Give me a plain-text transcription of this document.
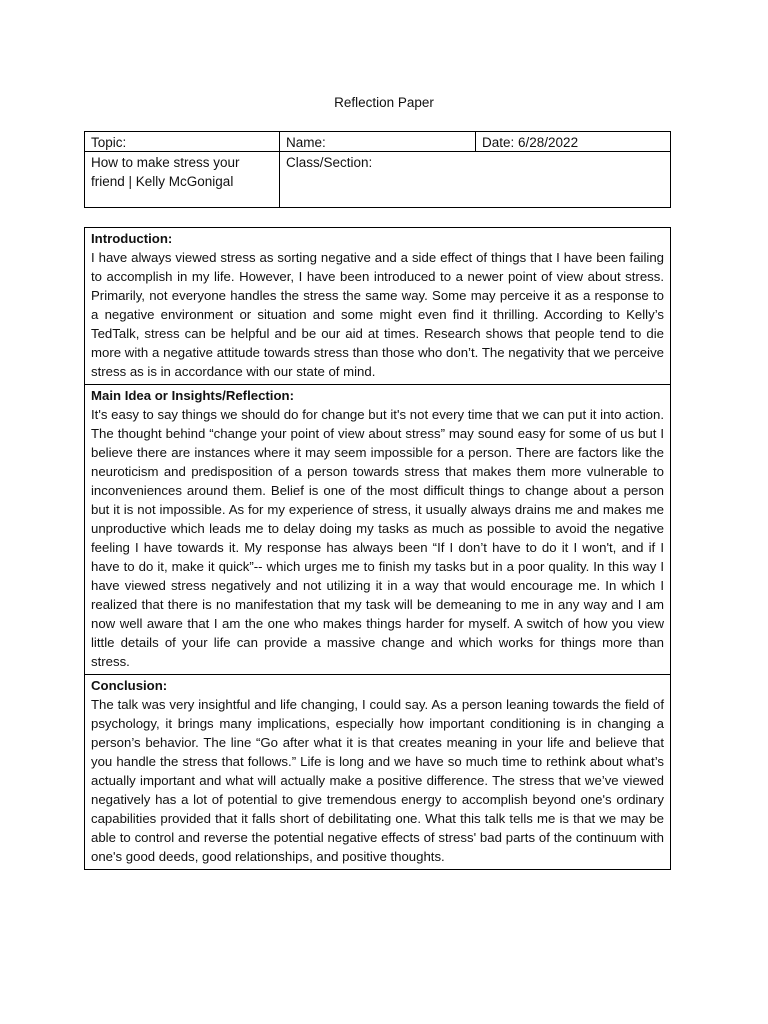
Reflection Paper
Topic:
How to make stress your friend | Kelly McGonigal
Name:	Date: 6/28/2022
Class/Section:
Introduction:
I have always viewed stress as sorting negative and a side effect of things that I have been failing to accomplish in my life. However, I have been introduced to a newer point of view about stress. Primarily, not everyone handles the stress the same way. Some may perceive it as a response to a negative environment or situation and some might even find it thrilling. According to Kelly’s TedTalk, stress can be helpful and be our aid at times. Research shows that people tend to die more with a negative attitude towards stress than those who don’t. The negativity that we perceive stress as is in accordance with our state of mind.
Main Idea or Insights/Reflection:
It's easy to say things we should do for change but it's not every time that we can put it into action. The thought behind “change your point of view about stress” may sound easy for some of us but I believe there are instances where it may seem impossible for a person. There are factors like the neuroticism and predisposition of a person towards stress that makes them more vulnerable to inconveniences around them. Belief is one of the most difficult things to change about a person but it is not impossible. As for my experience of stress, it usually always drains me and makes me unproductive which leads me to delay doing my tasks as much as possible to avoid the negative feeling I have towards it. My response has always been “If I don’t have to do it I won't, and if I have to do it, make it quick”-- which urges me to finish my tasks but in a poor quality. In this way I have viewed stress negatively and not utilizing it in a way that would encourage me. In which I realized that there is no manifestation that my task will be demeaning to me in any way and I am now well aware that I am the one who makes things harder for myself. A switch of how you view little details of your life can provide a massive change and which works for things more than stress.
Conclusion:
The talk was very insightful and life changing, I could say. As a person leaning towards the field of psychology, it brings many implications, especially how important conditioning is in changing a person’s behavior. The line “Go after what it is that creates meaning in your life and believe that you handle the stress that follows.” Life is long and we have so much time to rethink about what’s actually important and what will actually make a positive difference. The stress that we’ve viewed negatively has a lot of potential to give tremendous energy to accomplish beyond one's ordinary capabilities provided that it falls short of debilitating one. What this talk tells me is that we may be able to control and reverse the potential negative effects of stress' bad parts of the continuum with one's good deeds, good relationships, and positive thoughts.
